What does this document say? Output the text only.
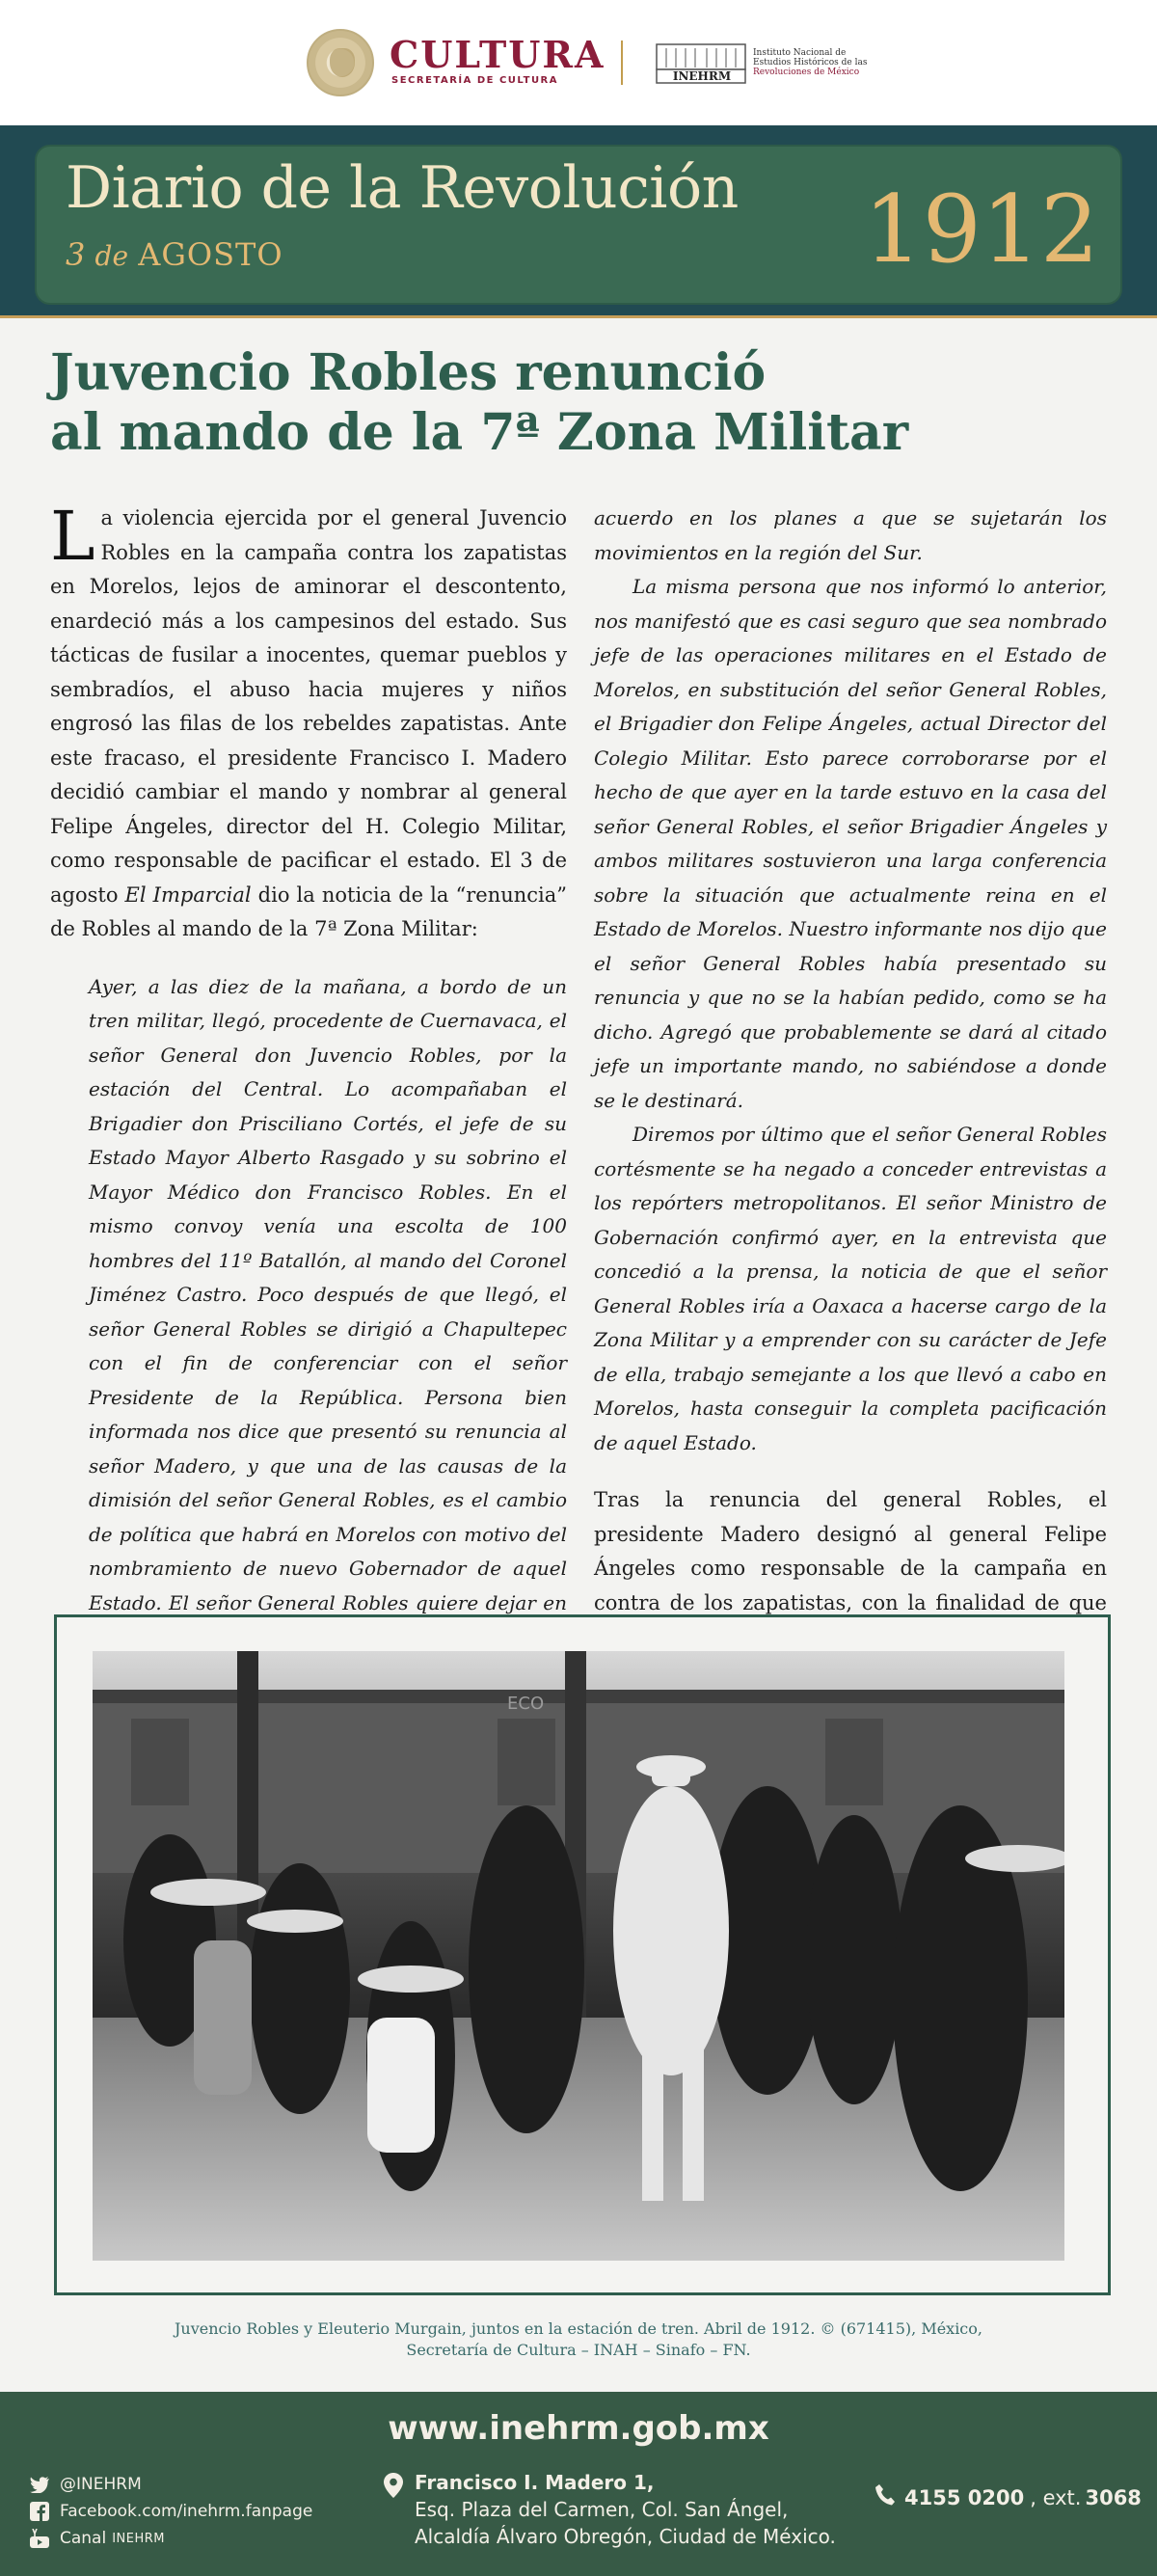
CULTURA
SECRETARÍA DE CULTURA	INEHRM
Instituto Nacional de
Estudios Históricos de las
Revoluciones de México
Diario de la Revolución
3 de AGOSTO	1912
Juvencio Robles renunció
al mando de la 7ª Zona Militar

La violencia ejercida por el general Juvencio Robles en la campaña contra los zapatistas en Morelos, lejos de aminorar el descontento, enardeció más a los campesinos del estado. Sus tácticas de fusilar a inocentes, quemar pueblos y sembradíos, el abuso hacia mujeres y niños engrosó las filas de los rebeldes zapatistas. Ante este fracaso, el presidente Francisco I. Madero decidió cambiar el mando y nombrar al general Felipe Ángeles, director del H. Colegio Militar, como responsable de pacificar el estado. El 3 de agosto El Imparcial dio la noticia de la “renuncia” de Robles al mando de la 7ª Zona Militar:

Ayer, a las diez de la mañana, a bordo de un tren militar, llegó, procedente de Cuernavaca, el señor General don Juvencio Robles, por la estación del Central. Lo acompañaban el Brigadier don Prisciliano Cortés, el jefe de su Estado Mayor Alberto Rasgado y su sobrino el Mayor Médico don Francisco Robles. En el mismo convoy venía una escolta de 100 hombres del 11º Batallón, al mando del Coronel Jiménez Castro. Poco después de que llegó, el señor General Robles se dirigió a Chapultepec con el fin de conferenciar con el señor Presidente de la República. Persona bien informada nos dice que presentó su renuncia al señor Madero, y que una de las causas de la dimisión del señor General Robles, es el cambio de política que habrá en Morelos con motivo del nombramiento de nuevo Gobernador de aquel Estado. El señor General Robles quiere dejar en

acuerdo en los planes a que se sujetarán los movimientos en la región del Sur.

La misma persona que nos informó lo anterior, nos manifestó que es casi seguro que sea nombrado jefe de las operaciones militares en el Estado de Morelos, en substitución del señor General Robles, el Brigadier don Felipe Ángeles, actual Director del Colegio Militar. Esto parece corroborarse por el hecho de que ayer en la tarde estuvo en la casa del señor General Robles, el señor Brigadier Ángeles y ambos militares sostuvieron una larga conferencia sobre la situación que actualmente reina en el Estado de Morelos. Nuestro informante nos dijo que el señor General Robles había presentado su renuncia y que no se la habían pedido, como se ha dicho. Agregó que probablemente se dará al citado jefe un importante mando, no sabiéndose a donde se le destinará.

Diremos por último que el señor General Robles cortésmente se ha negado a conceder entrevistas a los repórters metropolitanos. El señor Ministro de Gobernación confirmó ayer, en la entrevista que concedió a la prensa, la noticia de que el señor General Robles iría a Oaxaca a hacerse cargo de la Zona Militar y a emprender con su carácter de Jefe de ella, trabajo semejante a los que llevó a cabo en Morelos, hasta conseguir la completa pacificación de aquel Estado.

Tras la renuncia del general Robles, el presidente Madero designó al general Felipe Ángeles como responsable de la campaña en contra de los zapatistas, con la finalidad de que

ECO
Juvencio Robles y Eleuterio Murgain, juntos en la estación de tren. Abril de 1912. © (671415), México,
Secretaría de Cultura – INAH – Sinafo – FN.
www.inehrm.gob.mx
@INEHRM
Facebook.com/inehrm.fanpage
Canal INEHRM
Francisco I. Madero 1,
Esq. Plaza del Carmen, Col. San Ángel,
Alcaldía Álvaro Obregón, Ciudad de México.
4155 0200 , ext. 3068
